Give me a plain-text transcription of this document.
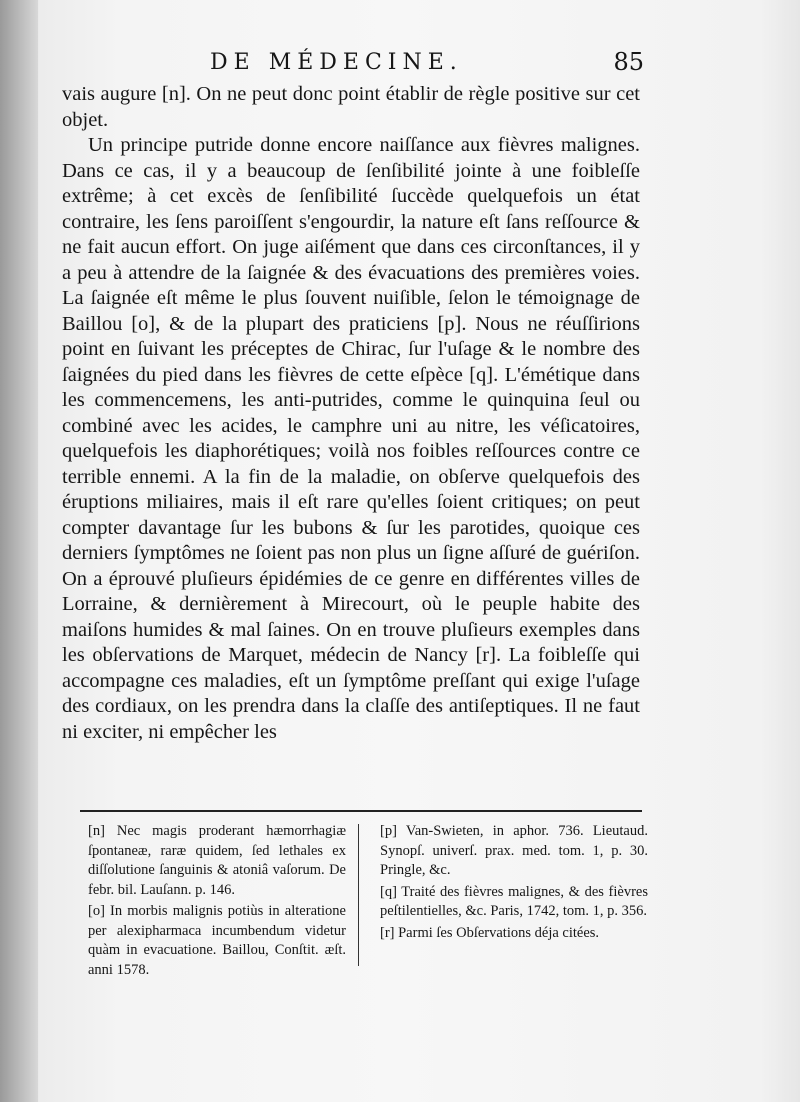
DE MÉDECINE.	85

vais augure [n]. On ne peut donc point établir de règle positive sur cet objet.

Un principe putride donne encore naiſſance aux fièvres malignes. Dans ce cas, il y a beaucoup de ſenſibilité jointe à une foibleſſe extrême; à cet excès de ſenſibilité ſuccède quelquefois un état contraire, les ſens paroiſſent s'engourdir, la nature eſt ſans reſſource & ne fait aucun effort. On juge aiſément que dans ces circonſtances, il y a peu à attendre de la ſaignée & des évacuations des premières voies. La ſaignée eſt même le plus ſouvent nuiſible, ſelon le témoignage de Baillou [o], & de la plupart des praticiens [p]. Nous ne réuſſirions point en ſuivant les préceptes de Chirac, ſur l'uſage & le nombre des ſaignées du pied dans les fièvres de cette eſpèce [q]. L'émétique dans les commencemens, les anti-putrides, comme le quinquina ſeul ou combiné avec les acides, le camphre uni au nitre, les véſicatoires, quelquefois les diaphorétiques; voilà nos foibles reſſources contre ce terrible ennemi. A la fin de la maladie, on obſerve quelquefois des éruptions miliaires, mais il eſt rare qu'elles ſoient critiques; on peut compter davantage ſur les bubons & ſur les parotides, quoique ces derniers ſymptômes ne ſoient pas non plus un ſigne aſſuré de guériſon. On a éprouvé pluſieurs épidémies de ce genre en différentes villes de Lorraine, & dernièrement à Mirecourt, où le peuple habite des maiſons humides & mal ſaines. On en trouve pluſieurs exemples dans les obſervations de Marquet, médecin de Nancy [r]. La foibleſſe qui accompagne ces maladies, eſt un ſymptôme preſſant qui exige l'uſage des cordiaux, on les prendra dans la claſſe des antiſeptiques. Il ne faut ni exciter, ni empêcher les

[n] Nec magis proderant hæmorrhagiæ ſpontaneæ, raræ quidem, ſed lethales ex diſſolutione ſanguinis & atoniâ vaſorum. De febr. bil. Lauſann. p. 146.

[o] In morbis malignis potiùs in alteratione per alexipharmaca incumbendum videtur quàm in evacuatione. Baillou, Conſtit. æſt. anni 1578.

[p] Van-Swieten, in aphor. 736. Lieutaud. Synopſ. univerſ. prax. med. tom. 1, p. 30. Pringle, &c.

[q] Traité des fièvres malignes, & des fièvres peſtilentielles, &c. Paris, 1742, tom. 1, p. 356.

[r] Parmi ſes Obſervations déja citées.
